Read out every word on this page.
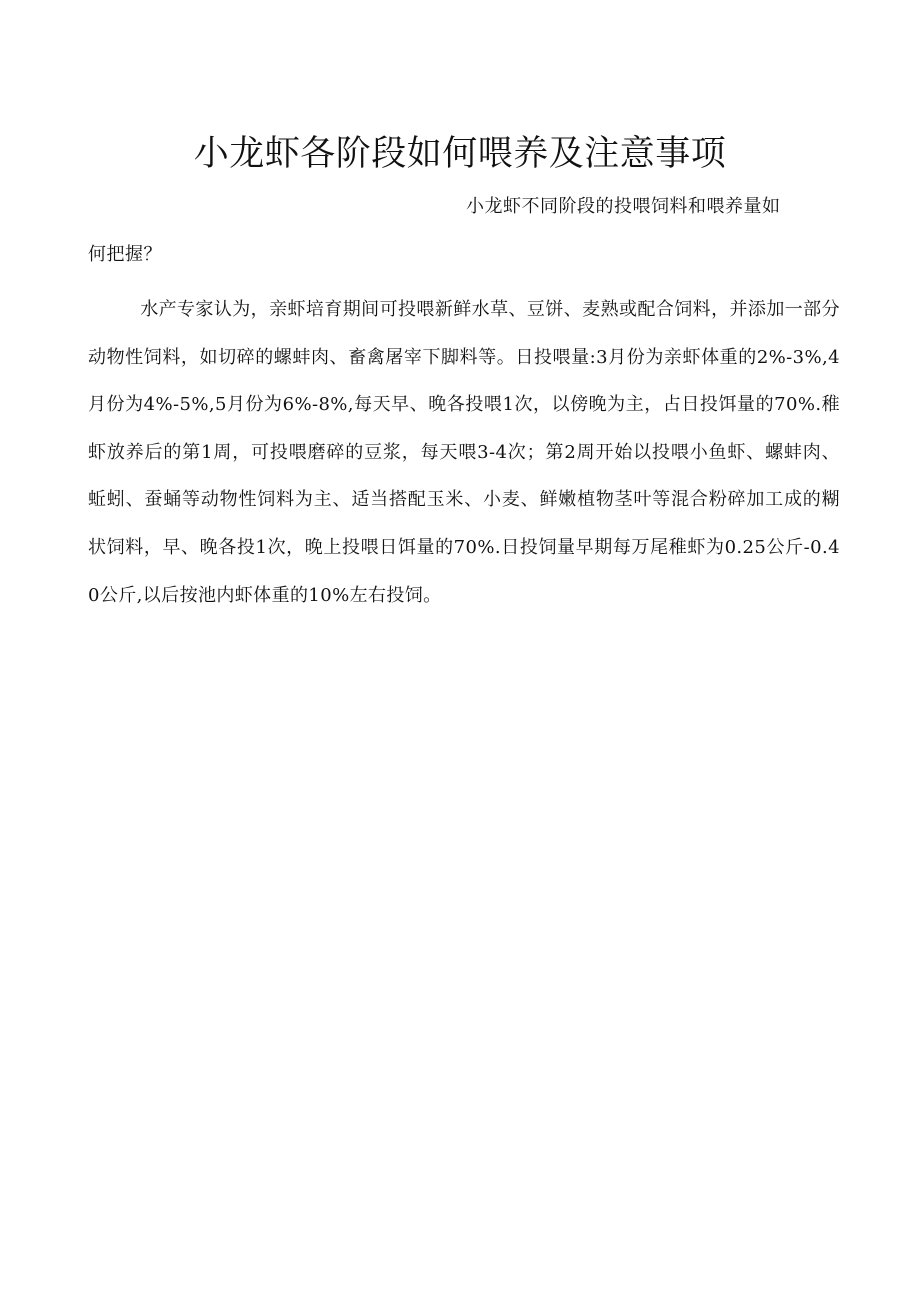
小龙虾各阶段如何喂养及注意事项

小龙虾不同阶段的投喂饲料和喂养量如

何把握？

水产专家认为，亲虾培育期间可投喂新鲜水草、豆饼、麦熟或配合饲料，并添加一部分动物性饲料，如切碎的螺蚌肉、畜禽屠宰下脚料等。日投喂量:3月份为亲虾体重的2%-3%,4月份为4%-5%,5月份为6%-8%,每天早、晚各投喂1次，以傍晚为主，占日投饵量的70%.稚虾放养后的第1周，可投喂磨碎的豆浆，每天喂3-4次；第2周开始以投喂小鱼虾、螺蚌肉、蚯蚓、蚕蛹等动物性饲料为主、适当搭配玉米、小麦、鲜嫩植物茎叶等混合粉碎加工成的糊状饲料，早、晚各投1次，晚上投喂日饵量的70%.日投饲量早期每万尾稚虾为0.25公斤-0.40公斤,以后按池内虾体重的10%左右投饲。
